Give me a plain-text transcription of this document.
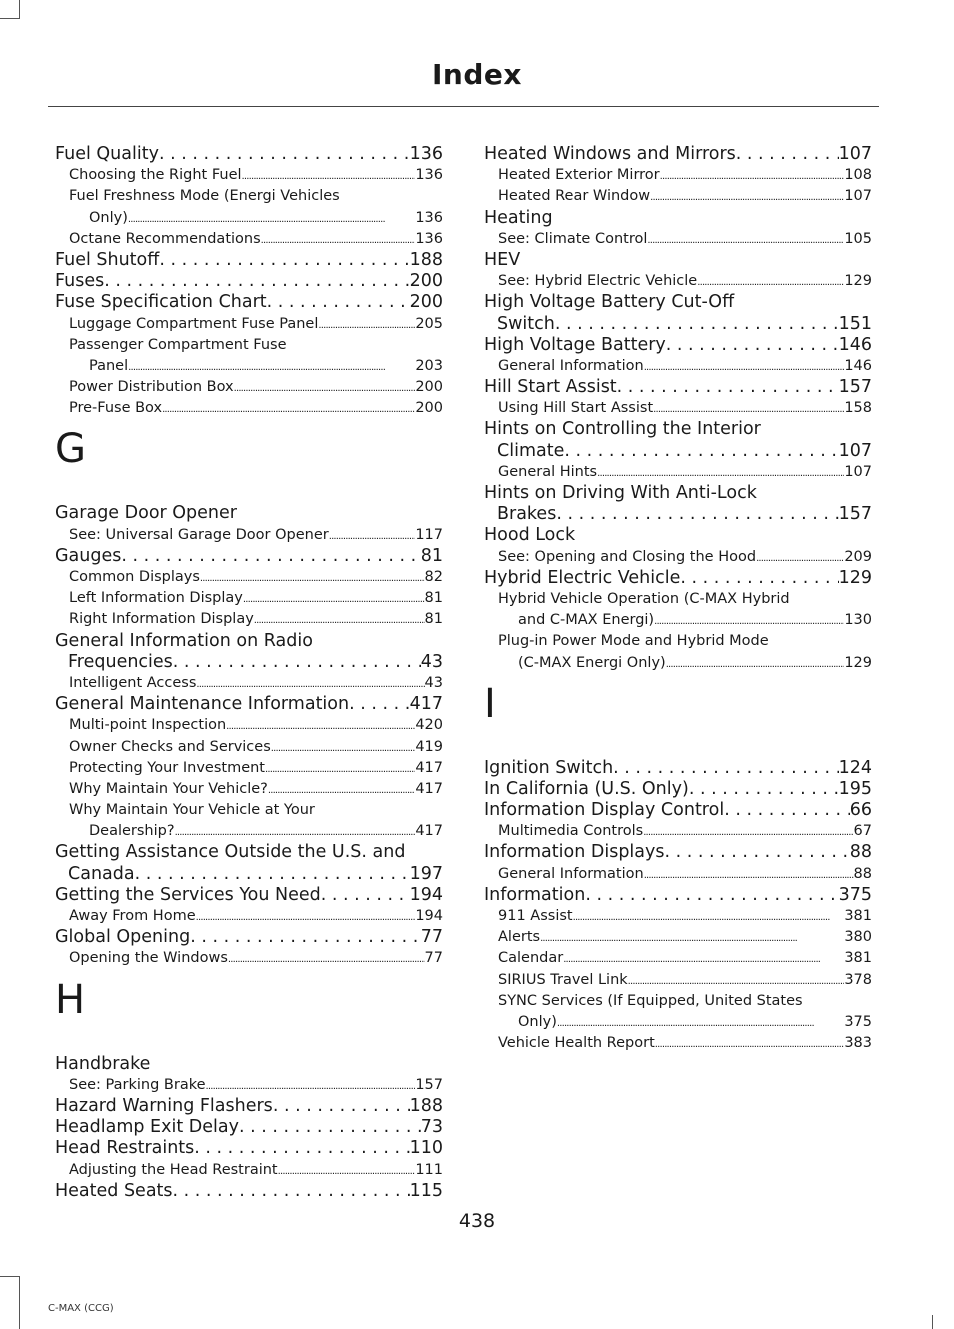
Index
Fuel Quality . . .	136
Choosing the Right Fuel . . .	136
Fuel Freshness Mode (Energi Vehicles
Only) . . .	136
Octane Recommendations . . .	136
Fuel Shutoff . . .	188
Fuses . . .	200
Fuse Specification Chart . . .	200
Luggage Compartment Fuse Panel . . .	205
Passenger Compartment Fuse
Panel . . .	203
Power Distribution Box . . .	200
Pre-Fuse Box . . .	200
G
Garage Door Opener
See: Universal Garage Door Opener . . .	117
Gauges . . .	81
Common Displays . . .	82
Left Information Display . . .	81
Right Information Display . . .	81
General Information on Radio
Frequencies . . .	43
Intelligent Access . . .	43
General Maintenance Information . . .	417
Multi-point Inspection . . .	420
Owner Checks and Services . . .	419
Protecting Your Investment . . .	417
Why Maintain Your Vehicle? . . .	417
Why Maintain Your Vehicle at Your
Dealership? . . .	417
Getting Assistance Outside the U.S. and
Canada . . .	197
Getting the Services You Need . . .	194
Away From Home . . .	194
Global Opening . . .	77
Opening the Windows . . .	77
H
Handbrake
See: Parking Brake . . .	157
Hazard Warning Flashers . . .	188
Headlamp Exit Delay . . .	73
Head Restraints . . .	110
Adjusting the Head Restraint . . .	111
Heated Seats . . .	115
Heated Windows and Mirrors . . .	107
Heated Exterior Mirror . . .	108
Heated Rear Window . . .	107
Heating
See: Climate Control . . .	105
HEV
See: Hybrid Electric Vehicle . . .	129
High Voltage Battery Cut-Off
Switch . . .	151
High Voltage Battery . . .	146
General Information . . .	146
Hill Start Assist . . .	157
Using Hill Start Assist . . .	158
Hints on Controlling the Interior
Climate . . .	107
General Hints . . .	107
Hints on Driving With Anti-Lock
Brakes . . .	157
Hood Lock
See: Opening and Closing the Hood . . .	209
Hybrid Electric Vehicle . . .	129
Hybrid Vehicle Operation (C-MAX Hybrid
and C-MAX Energi) . . .	130
Plug-in Power Mode and Hybrid Mode
(C-MAX Energi Only) . . .	129
I
Ignition Switch . . .	124
In California (U.S. Only) . . .	195
Information Display Control . . .	66
Multimedia Controls . . .	67
Information Displays . . .	88
General Information . . .	88
Information . . .	375
911 Assist . . .	381
Alerts . . .	380
Calendar . . .	381
SIRIUS Travel Link . . .	378
SYNC Services (If Equipped, United States
Only) . . .	375
Vehicle Health Report . . .	383
438
C-MAX (CCG)
